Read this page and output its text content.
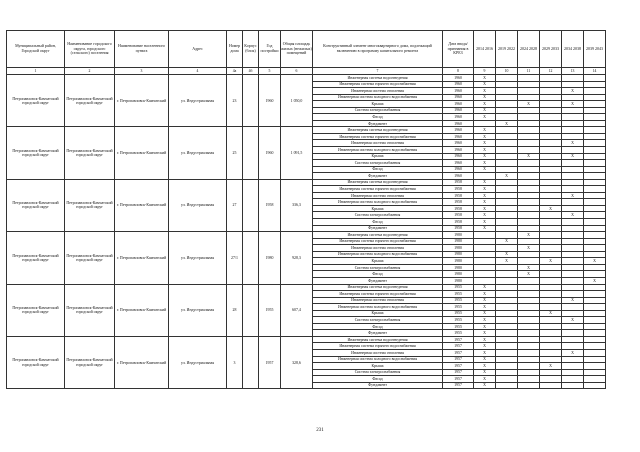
Муниципальный район, Городской округ	Наименование городского округа, городского (сельского) поселения	Наименование населенного пункта	Адрес	Номер дома	Корпус (блок)	Год постройки	Общая площадь жилых (нежилых) помещений	Конструктивный элемент многоквартирного дома, подлежащий включению в программу капитального ремонта	Дата ввода/ признания в КРЕЗ	2014 2016	2019 2022	2024 2028	2029 2033	2034 2038	2039 2043
1	2	3	4	4а	4б	5	6	7	8	9	10	11	12	13	14
Петропавловск-Камчатский городской округ	Петропавловск-Камчатский городской округ	г. Петропавловск-Камчатский	ул. Индустриальная	23		1960	1 050,0	Инженерная система водоотведения	1960	X					
								Инженерная система горячего водоснабжения	1960	X					
								Инженерная система отопления	1960	X				X	
								Инженерная система холодного водоснабжения	1960	X					
								Крыша	1960	X		X		X	
								Система электроснабжения	1960	X					
								Фасад	1960	X					
								Фундамент	1960		X				
Петропавловск-Камчатский городской округ	Петропавловск-Камчатский городской округ	г. Петропавловск-Камчатский	ул. Индустриальная	25		1960	1 091,5	Инженерная система водоотведения	1960	X					
								Инженерная система горячего водоснабжения	1960	X					
								Инженерная система отопления	1960	X				X	
								Инженерная система холодного водоснабжения	1960	X					
								Крыша	1960	X		X		X	
								Система электроснабжения	1960	X					
								Фасад	1960	X					
								Фундамент	1960		X				
Петропавловск-Камчатский городской округ	Петропавловск-Камчатский городской округ	г. Петропавловск-Камчатский	ул. Индустриальная	27		1958	336,3	Инженерная система водоотведения	1958	X					
								Инженерная система горячего водоснабжения	1958	X					
								Инженерная система отопления	1958	X				X	
								Инженерная система холодного водоснабжения	1958	X					
								Крыша	1958	X			X		
								Система электроснабжения	1958	X				X	
								Фасад	1958	X					
								Фундамент	1958	X					
Петропавловск-Камчатский городской округ	Петропавловск-Камчатский городской округ	г. Петропавловск-Камчатский	ул. Индустриальная	27/1		1980	928,3	Инженерная система водоотведения	1980			X			
								Инженерная система горячего водоснабжения	1980		X				
								Инженерная система отопления	1980			X			
								Инженерная система холодного водоснабжения	1980		X				
								Крыша	1980		X		X		X
								Система электроснабжения	1980			X			
								Фасад	1980			X			
								Фундамент	1980						X
Петропавловск-Камчатский городской округ	Петропавловск-Камчатский городской округ	г. Петропавловск-Камчатский	ул. Индустриальная	28		1955	607,4	Инженерная система водоотведения	1955	X					
								Инженерная система горячего водоснабжения	1955	X					
								Инженерная система отопления	1955	X				X	
								Инженерная система холодного водоснабжения	1955	X					
								Крыша	1955	X			X		
								Система электроснабжения	1955	X				X	
								Фасад	1955	X					
								Фундамент	1955	X					
Петропавловск-Камчатский городской округ	Петропавловск-Камчатский городской округ	г. Петропавловск-Камчатский	ул. Индустриальная	3		1957	328,6	Инженерная система водоотведения	1957	X					
								Инженерная система горячего водоснабжения	1957	X					
								Инженерная система отопления	1957	X				X	
								Инженерная система холодного водоснабжения	1957	X					
								Крыша	1957	X			X		
								Система электроснабжения	1957	X					
								Фасад	1957	X					
								Фундамент	1957	X					
231
